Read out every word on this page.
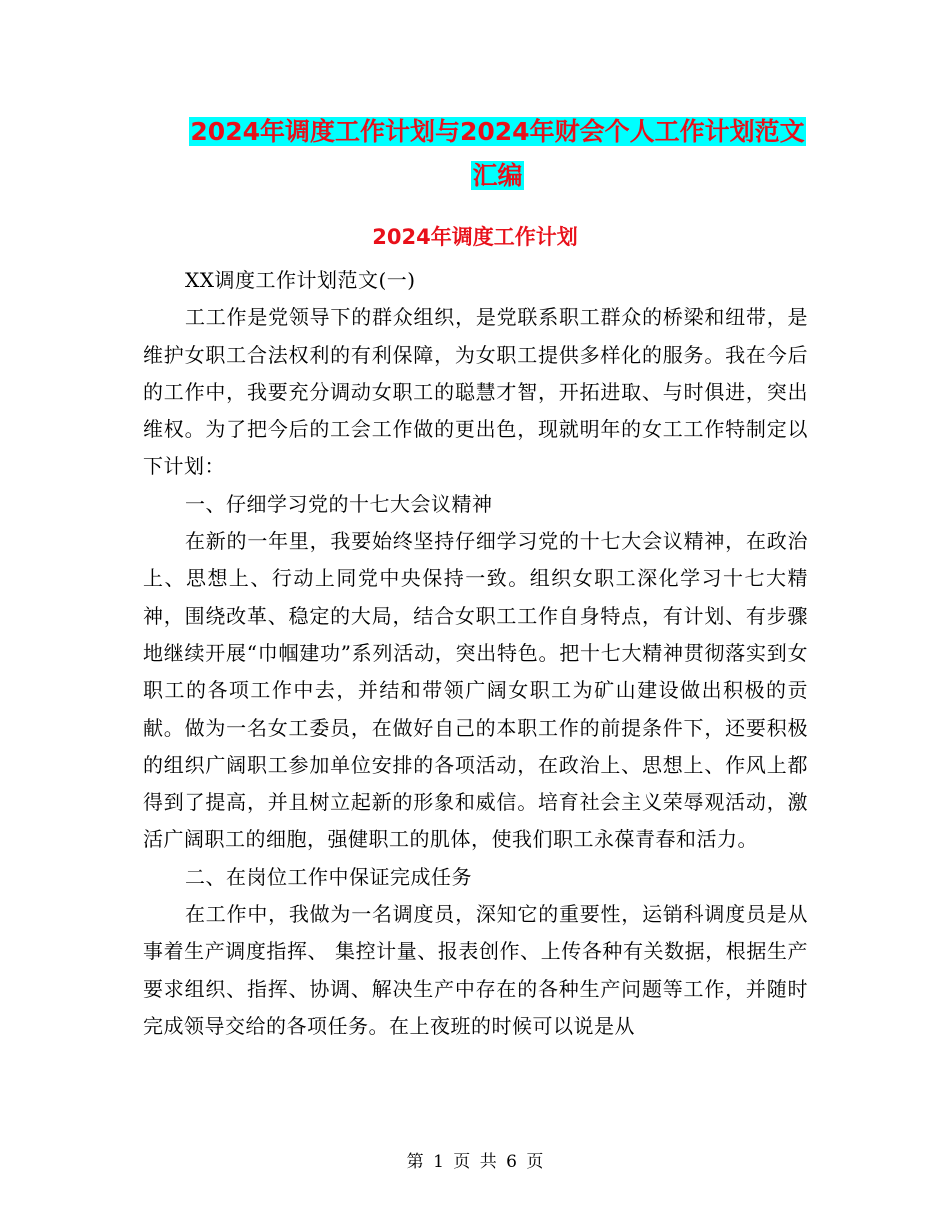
2024年调度工作计划与2024年财会个人工作计划范文
汇编
2024年调度工作计划

XX调度工作计划范文(一)

工工作是党领导下的群众组织，是党联系职工群众的桥梁和纽带，是维护女职工合法权利的有利保障，为女职工提供多样化的服务。我在今后的工作中，我要充分调动女职工的聪慧才智，开拓进取、与时俱进，突出维权。为了把今后的工会工作做的更出色，现就明年的女工工作特制定以下计划：

一、仔细学习党的十七大会议精神

在新的一年里，我要始终坚持仔细学习党的十七大会议精神，在政治上、思想上、行动上同党中央保持一致。组织女职工深化学习十七大精神，围绕改革、稳定的大局，结合女职工工作自身特点，有计划、有步骤地继续开展“巾帼建功”系列活动，突出特色。把十七大精神贯彻落实到女职工的各项工作中去，并结和带领广阔女职工为矿山建设做出积极的贡献。做为一名女工委员，在做好自己的本职工作的前提条件下，还要积极的组织广阔职工参加单位安排的各项活动，在政治上、思想上、作风上都得到了提高，并且树立起新的形象和威信。培育社会主义荣辱观活动，激活广阔职工的细胞，强健职工的肌体，使我们职工永葆青春和活力。

二、在岗位工作中保证完成任务

在工作中，我做为一名调度员，深知它的重要性，运销科调度员是从事着生产调度指挥、 集控计量、报表创作、上传各种有关数据，根据生产要求组织、指挥、协调、解决生产中存在的各种生产问题等工作，并随时完成领导交给的各项任务。在上夜班的时候可以说是从

第 1 页 共 6 页
